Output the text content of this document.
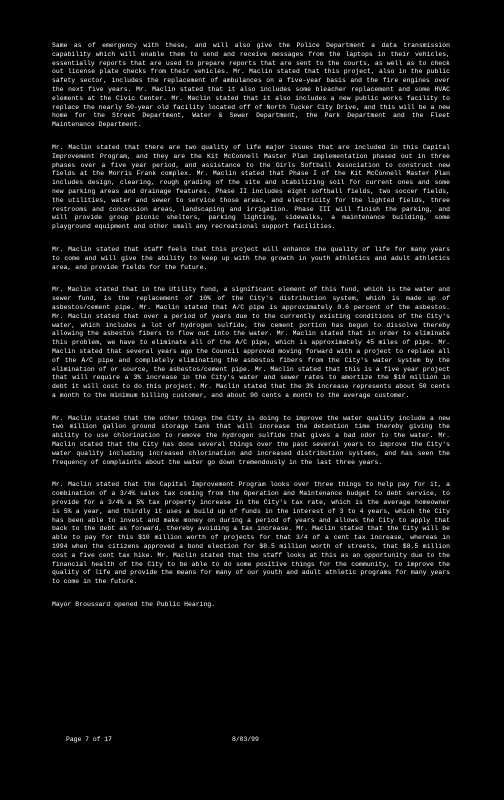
Same as of emergency with these, and will also give the Police Department a data transmission capability which will enable them to send and receive messages from the laptops in their vehicles, essentially reports that are used to prepare reports that are sent to the courts, as well as to check out license plate checks from their vehicles. Mr. Maclin stated that this project, also in the public safety sector, includes the replacement of ambulances on a five-year basis and the fire engines over the next five years. Mr. Maclin stated that it also includes some bleacher replacement and some HVAC elements at the Civic Center. Mr. Maclin stated that it also includes a new public works facility to replace the nearly 50-year old facility located off of North Tucker City Drive, and this will be a new home for the Street Department, Water & Sewer Department, the Park Department and the Fleet Maintenance Department.

Mr. Maclin stated that there are two quality of life major issues that are included in this Capital Improvement Program, and they are the Kit McConnell Master Plan implementation phased out in three phases over a five year period, and assistance to the Girls Softball Association to construct new fields at the Morris Frank complex. Mr. Maclin stated that Phase I of the Kit McConnell Master Plan includes design, clearing, rough grading of the site and stabilizing soil for current ones and some new parking areas and drainage features. Phase II includes eight softball fields, two soccer fields, the utilities, water and sewer to service those areas, and electricity for the lighted fields, three restrooms and concession areas, landscaping and irrigation. Phase III will finish the parking, and will provide group picnic shelters, parking lighting, sidewalks, a maintenance building, some playground equipment and other small any recreational support facilities.

Mr. Maclin stated that staff feels that this project will enhance the quality of life for many years to come and will give the ability to keep up with the growth in youth athletics and adult athletics area, and provide fields for the future.

Mr. Maclin stated that in the Utility fund, a significant element of this fund, which is the water and sewer fund, is the replacement of 10% of the City's distribution system, which is made up of asbestos/cement pipe. Mr. Maclin stated that A/C pipe is approximately 0.6 percent of the asbestos. Mr. Maclin stated that over a period of years due to the currently existing conditions of the City's water, which includes a lot of hydrogen sulfide, the cement portion has begun to dissolve thereby allowing the asbestos fibers to flow out into the water. Mr. Maclin stated that in order to eliminate this problem, we have to eliminate all of the A/C pipe, which is approximately 45 miles of pipe. Mr. Maclin stated that several years ago the Council approved moving forward with a project to replace all of the A/C pipe and completely eliminating the asbestos fibers from the City's water system by the elimination of or source, the asbestos/cement pipe. Mr. Maclin stated that this is a five year project that will require a 3% increase in the City's water and sewer rates to amortize the $10 million in debt it will cost to do this project. Mr. Maclin stated that the 3% increase represents about 50 cents a month to the minimum billing customer, and about 90 cents a month to the average customer.

Mr. Maclin stated that the other things the City is doing to improve the water quality include a new two million gallon ground storage tank that will increase the detention time thereby giving the ability to use chlorination to remove the hydrogen sulfide that gives a bad odor to the water. Mr. Maclin stated that the City has done several things over the past several years to improve the City's water quality including increased chlorination and increased distribution systems, and has seen the frequency of complaints about the water go down tremendously in the last three years.

Mr. Maclin stated that the Capital Improvement Program looks over three things to help pay for it, a combination of a 3/4% sales tax coming from the Operation and Maintenance budget to debt service, to provide for a 3/4% a 5% tax property increase in the City's tax rate, which is the average homeowner is 5% a year, and thirdly it uses a build up of funds in the interest of 3 to 4 years, which the City has been able to invest and make money on during a period of years and allows the City to apply that back to the debt as forward, thereby avoiding a tax increase. Mr. Maclin stated that the City will be able to pay for this $10 million worth of projects for that 3/4 of a cent tax increase, whereas in 1994 when the citizens approved a bond election for $8.5 million worth of streets, that $8.5 million cost a five cent tax hike. Mr. Maclin stated that the staff looks at this as an opportunity due to the financial health of the City to be able to do some positive things for the community, to improve the quality of life and provide the means for many of our youth and adult athletic programs for many years to come in the future.

Mayor Broussard opened the Public Hearing.

Page 7 of 17	8/03/99
